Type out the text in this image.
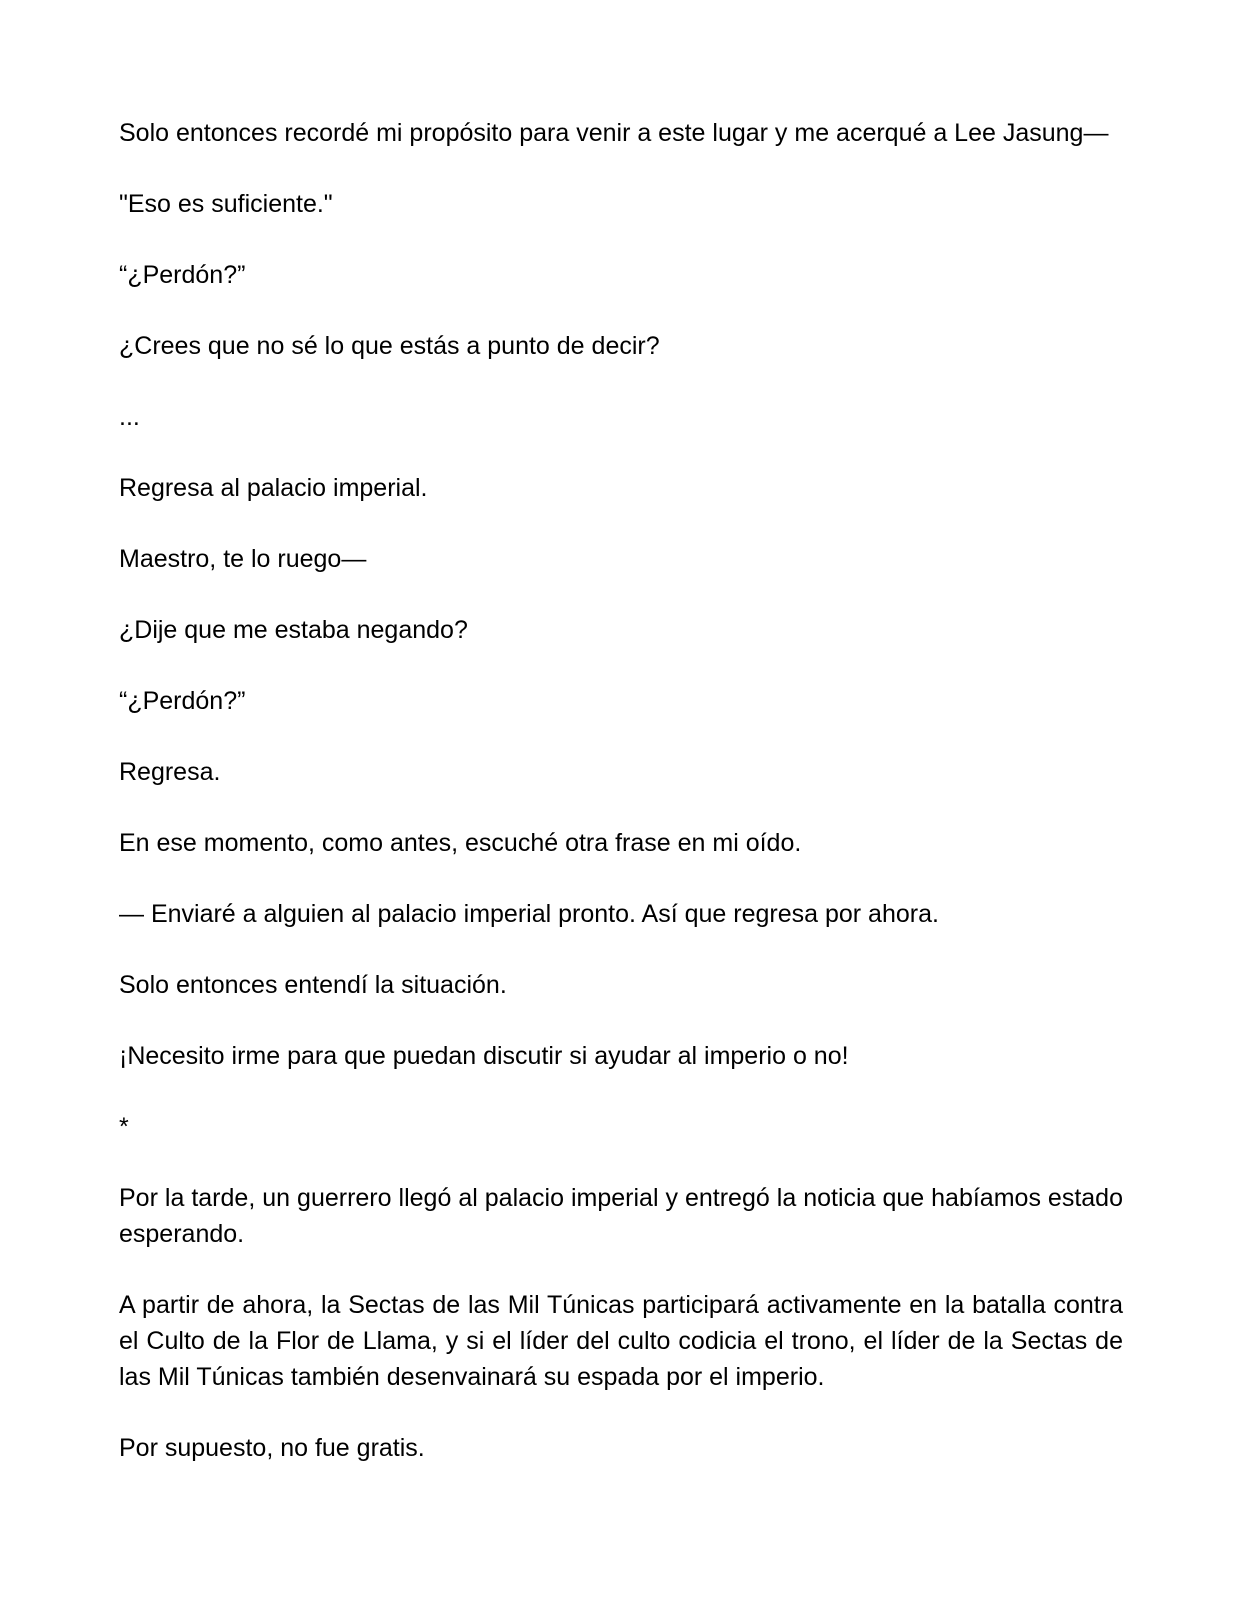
Solo entonces recordé mi propósito para venir a este lugar y me acerqué a Lee Jasung—

"Eso es suficiente."

“¿Perdón?”

¿Crees que no sé lo que estás a punto de decir?

...

Regresa al palacio imperial.

Maestro, te lo ruego—

¿Dije que me estaba negando?

“¿Perdón?”

Regresa.

En ese momento, como antes, escuché otra frase en mi oído.

— Enviaré a alguien al palacio imperial pronto. Así que regresa por ahora.

Solo entonces entendí la situación.

¡Necesito irme para que puedan discutir si ayudar al imperio o no!

*

Por la tarde, un guerrero llegó al palacio imperial y entregó la noticia que habíamos estado esperando.

A partir de ahora, la Sectas de las Mil Túnicas participará activamente en la batalla contra el Culto de la Flor de Llama, y si el líder del culto codicia el trono, el líder de la Sectas de las Mil Túnicas también desenvainará su espada por el imperio.

Por supuesto, no fue gratis.
